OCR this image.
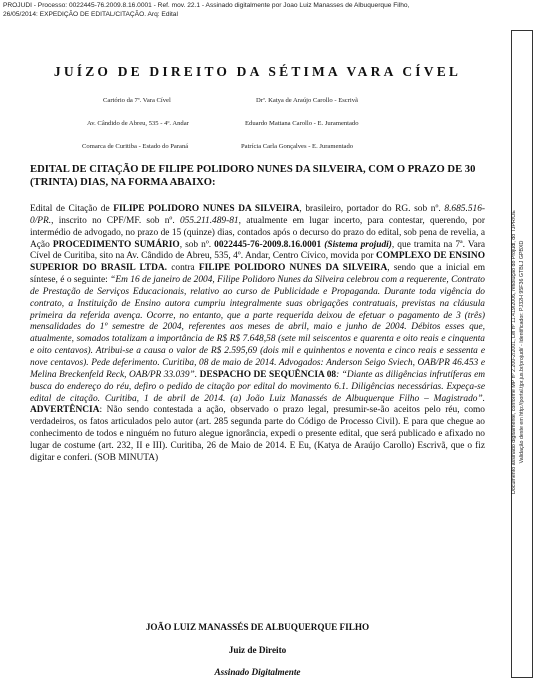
PROJUDI - Processo: 0022445-76.2009.8.16.0001 - Ref. mov. 22.1 - Assinado digitalmente por Joao Luiz Manasses de Albuquerque Filho,
26/05/2014: EXPEDIÇÃO DE EDITAL/CITAÇÃO. Arq: Edital
Documento assinado digitalmente, conforme MP nº 2.200-2/2001, Lei nº 11.419/2006, resolução do Projudi, do TJPR/OE Validação deste em http://portal.tjpr.jus.br/projudi/ - Identificador: PJ32H 95F36 GTBLJ GPBXD
JUÍZO DE DIREITO DA SÉTIMA VARA CÍVEL
Cartório da 7ª. Vara Cível
Av. Cândido de Abreu, 535 - 4º. Andar
Comarca de Curitiba - Estado do Paraná
Drª. Katya de Araújo Carollo - Escrivã
Eduardo Mattana Carollo - E. Juramentado
Patrícia Carla Gonçalves - E. Juramentado
EDITAL DE CITAÇÃO DE FILIPE POLIDORO NUNES DA SILVEIRA, COM O PRAZO DE 30 (TRINTA) DIAS, NA FORMA ABAIXO:
Edital de Citação de FILIPE POLIDORO NUNES DA SILVEIRA, brasileiro, portador do RG. sob nº. 8.685.516-0/PR., inscrito no CPF/MF. sob nº. 055.211.489-81, atualmente em lugar incerto, para contestar, querendo, por intermédio de advogado, no prazo de 15 (quinze) dias, contados após o decurso do prazo do edital, sob pena de revelia, a Ação PROCEDIMENTO SUMÁRIO, sob nº. 0022445-76-2009.8.16.0001 (Sistema projudi), que tramita na 7ª. Vara Cível de Curitiba, sito na Av. Cândido de Abreu, 535, 4º. Andar, Centro Cívico, movida por COMPLEXO DE ENSINO SUPERIOR DO BRASIL LTDA. contra FILIPE POLIDORO NUNES DA SILVEIRA, sendo que a inicial em síntese, é o seguinte: “Em 16 de janeiro de 2004, Filipe Polidoro Nunes da Silveira celebrou com a requerente, Contrato de Prestação de Serviços Educacionais, relativo ao curso de Publicidade e Propaganda. Durante toda vigência do contrato, a Instituição de Ensino autora cumpriu integralmente suas obrigações contratuais, previstas na cláusula primeira da referida avença. Ocorre, no entanto, que a parte requerida deixou de efetuar o pagamento de 3 (três) mensalidades do 1º semestre de 2004, referentes aos meses de abril, maio e junho de 2004. Débitos esses que, atualmente, somados totalizam a importância de R$ R$ 7.648,58 (sete mil seiscentos e quarenta e oito reais e cinquenta e oito centavos). Atribui-se a causa o valor de R$ 2.595,69 (dois mil e quinhentos e noventa e cinco reais e sessenta e nove centavos). Pede deferimento. Curitiba, 08 de maio de 2014. Advogados: Anderson Seigo Sviech, OAB/PR 46.453 e Melina Breckenfeld Reck, OAB/PR 33.039”. DESPACHO DE SEQUÊNCIA 08: “Diante as diligências infrutíferas em busca do endereço do réu, defiro o pedido de citação por edital do movimento 6.1. Diligências necessárias. Expeça-se edital de citação. Curitiba, 1 de abril de 2014. (a) João Luiz Manassés de Albuquerque Filho – Magistrado”. ADVERTÊNCIA: Não sendo contestada a ação, observado o prazo legal, presumir-se-ão aceitos pelo réu, como verdadeiros, os fatos articulados pelo autor (art. 285 segunda parte do Código de Processo Civil). E para que chegue ao conhecimento de todos e ninguém no futuro alegue ignorância, expedi o presente edital, que será publicado e afixado no lugar de costume (art. 232, II e III). Curitiba, 26 de Maio de 2014. E Eu, (Katya de Araújo Carollo) Escrivã, que o fiz digitar e conferi. (SOB MINUTA)
JOÃO LUIZ MANASSÉS DE ALBUQUERQUE FILHO
Juiz de Direito
Assinado Digitalmente
